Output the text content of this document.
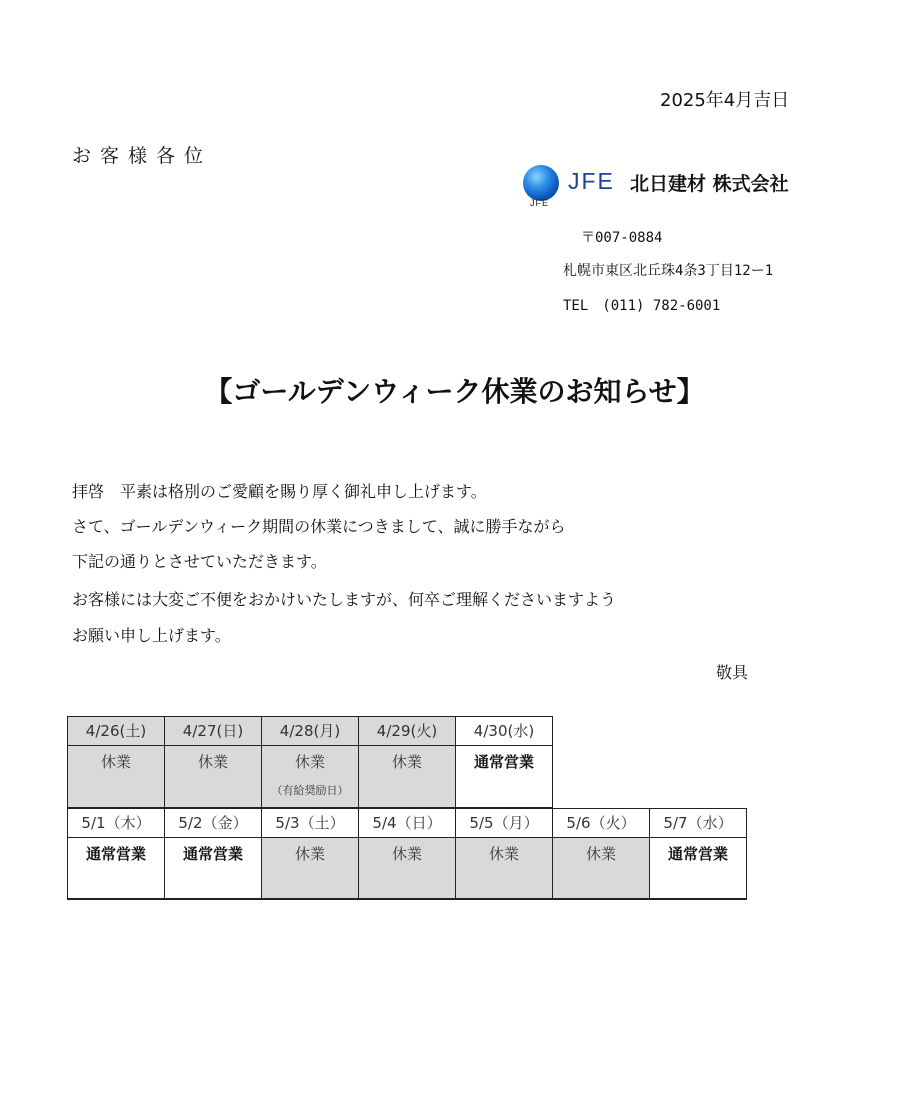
2025年4月吉日
お客様各位
JFE
JFE 北日建材 株式会社
〒007-0884
札幌市東区北丘珠4条3丁目12ー1
TEL　(011) 782-6001
【ゴールデンウィーク休業のお知らせ】
拝啓　平素は格別のご愛顧を賜り厚く御礼申し上げます。
さて、ゴールデンウィーク期間の休業につきまして、誠に勝手ながら
下記の通りとさせていただきます。
お客様には大変ご不便をおかけいたしますが、何卒ご理解くださいますよう
お願い申し上げます。
敬具
4/26(土)
休業
4/27(日)
休業
4/28(月)
休業
（有給奨励日）
4/29(火)
休業
4/30(水)
通常営業
5/1（木）
通常営業
5/2（金）
通常営業
5/3（土）
休業
5/4（日）
休業
5/5（月）
休業
5/6（火）
休業
5/7（水）
通常営業
